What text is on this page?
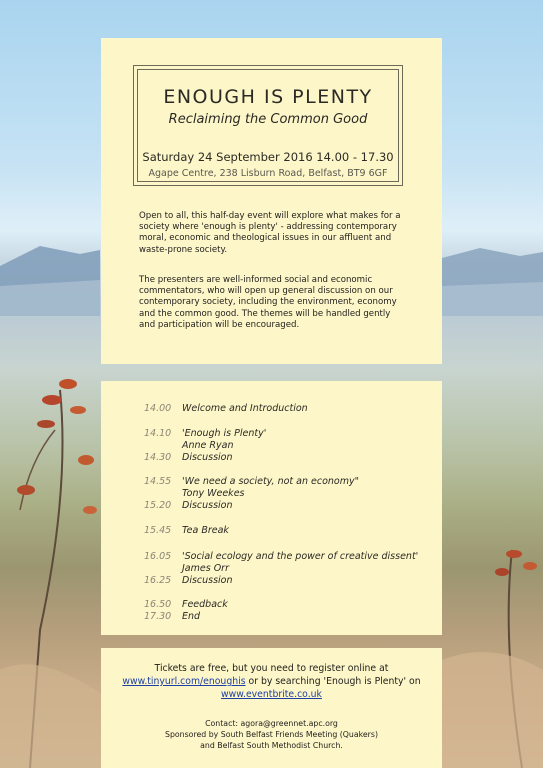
ENOUGH IS PLENTY
Reclaiming the Common Good
Saturday 24 September 2016 14.00 - 17.30
Agape Centre, 238 Lisburn Road, Belfast, BT9 6GF

Open to all, this half-day event will explore what makes for a society where 'enough is plenty' - addressing contemporary moral, economic and theological issues in our affluent and waste-prone society.

The presenters are well-informed social and economic commentators, who will open up general discussion on our contemporary society, including the environment, economy and the common good. The themes will be handled gently and participation will be encouraged.

14.00 Welcome and Introduction
14.10 'Enough is Plenty'
Anne Ryan
14.30 Discussion
14.55 'We need a society, not an economy"
Tony Weekes
15.20 Discussion
15.45 Tea Break
16.05 'Social ecology and the power of creative dissent'
James Orr
16.25 Discussion
16.50 Feedback
17.30 End
Tickets are free, but you need to register online at
www.tinyurl.com/enoughis or by searching 'Enough is Plenty' on
www.eventbrite.co.uk
Contact: agora@greennet.apc.org
Sponsored by South Belfast Friends Meeting (Quakers)
and Belfast South Methodist Church.
